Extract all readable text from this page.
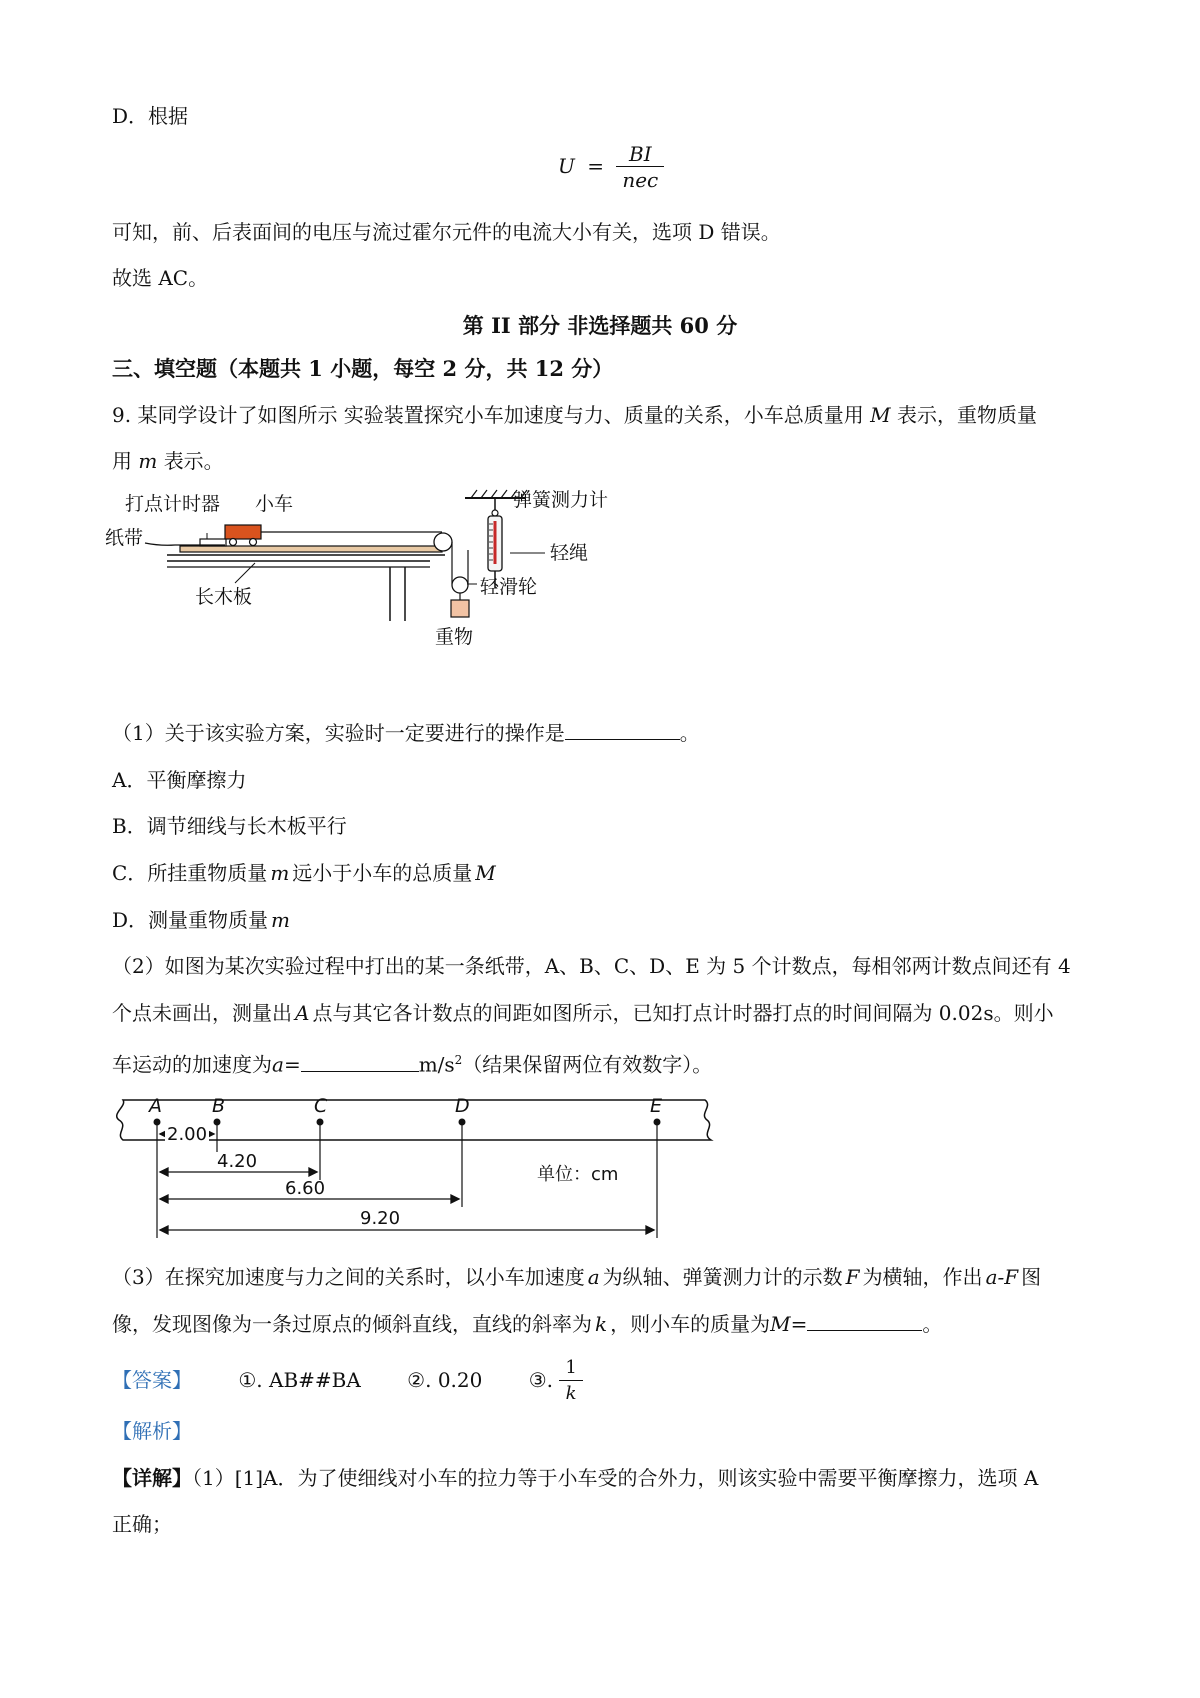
D．根据
$U = \frac{BI}{\text{nec}}$
可知，前、后表面间的电压与流过霍尔元件的电流大小有关，选项 D 错误。
故选 AC。
第 II 部分 非选择题共 60 分
三、填空题（本题共 1 小题，每空 2 分，共 12 分）
9. 某同学设计了如图所示 实验装置探究小车加速度与力、质量的关系，小车总质量用 M 表示，重物质量
用 m 表示。
打点计时器 小车
纸带
长木板
弹簧测力计
轻绳
轻滑轮
重物
（1）关于该实验方案，实验时一定要进行的操作是	。
A．平衡摩擦力
B．调节细线与长木板平行
C．所挂重物质量 m 远小于小车的总质量 M
D．测量重物质量 m
（2）如图为某次实验过程中打出的某一条纸带，A、B、C、D、E 为 5 个计数点，每相邻两计数点间还有 4
个点未画出，测量出 A 点与其它各计数点的间距如图所示，已知打点计时器打点的时间间隔为 0.02s。则小
车运动的加速度为a=	$m/s^2$（结果保留两位有效数字）。
A	B	C	D	E
2.00
4.20
6.60
9.20
单位：cm
（3）在探究加速度与力之间的关系时，以小车加速度 a 为纵轴、弹簧测力计的示数 F 为横轴，作出 a-F 图
像，发现图像为一条过原点的倾斜直线，直线的斜率为 k ，则小车的质量为M=	。
【答案】 ①. AB##BA ②. 0.20 ③. $\frac{1}{k}$
【解析】
【详解】（1）[1]A．为了使细线对小车的拉力等于小车受的合外力，则该实验中需要平衡摩擦力，选项 A
正确；
